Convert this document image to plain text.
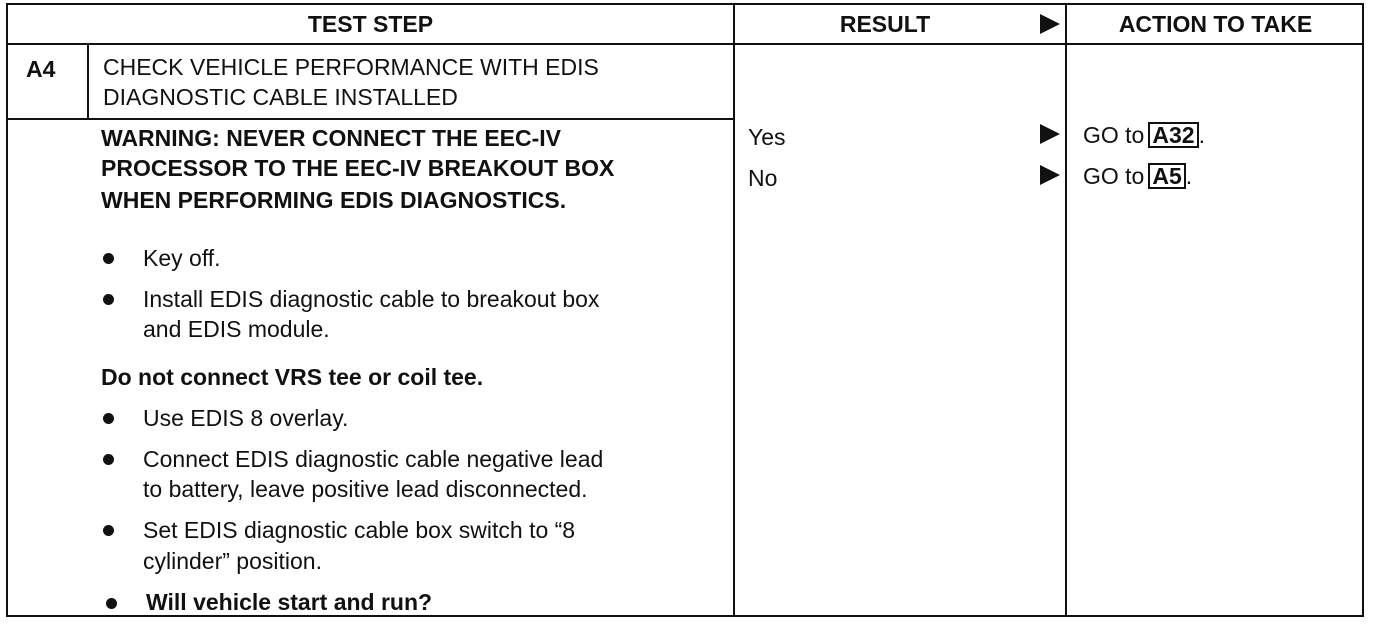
TEST STEP	RESULT	ACTION TO TAKE
A4 CHECK VEHICLE PERFORMANCE WITH EDIS
DIAGNOSTIC CABLE INSTALLED
WARNING: NEVER CONNECT THE EEC-IV
PROCESSOR TO THE EEC-IV BREAKOUT BOX
WHEN PERFORMING EDIS DIAGNOSTICS.
Key off.
Install EDIS diagnostic cable to breakout box
and EDIS module.
Do not connect VRS tee or coil tee.
Use EDIS 8 overlay.
Connect EDIS diagnostic cable negative lead
to battery, leave positive lead disconnected.
Set EDIS diagnostic cable box switch to “8
cylinder” position.
Will vehicle start and run?
Yes	GO to A32 .
No	GO to A5 .
